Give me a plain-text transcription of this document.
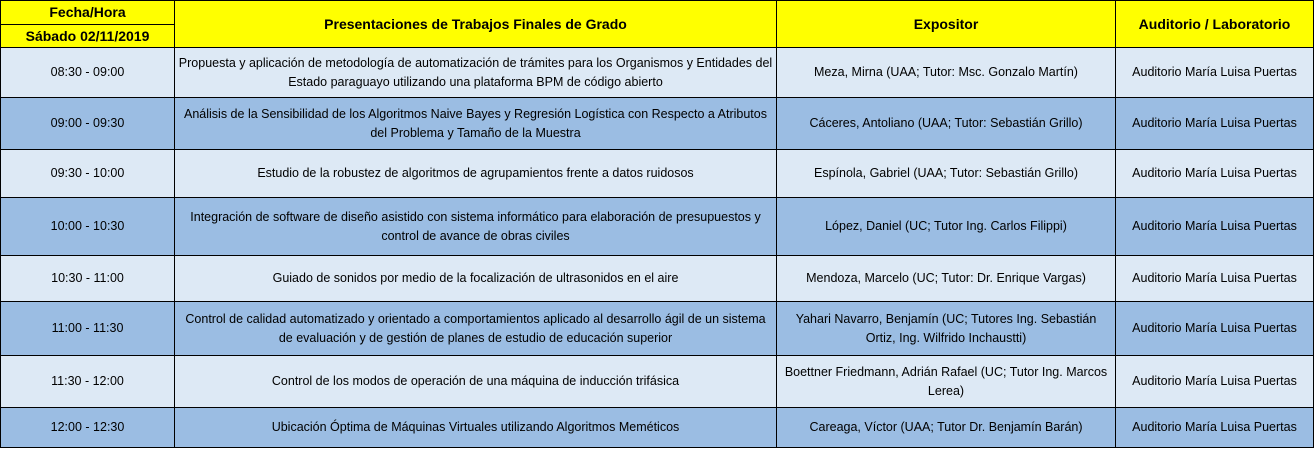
Fecha/Hora	Presentaciones de Trabajos Finales de Grado	Expositor	Auditorio / Laboratorio
Sábado 02/11/2019			
08:30 - 09:00	Propuesta y aplicación de metodología de automatización de trámites para los Organismos y Entidades del Estado paraguayo utilizando una plataforma BPM de código abierto	Meza, Mirna (UAA; Tutor: Msc. Gonzalo Martín)	Auditorio María Luisa Puertas
09:00 - 09:30	Análisis de la Sensibilidad de los Algoritmos Naive Bayes y Regresión Logística con Respecto a Atributos del Problema y Tamaño de la Muestra	Cáceres, Antoliano (UAA; Tutor: Sebastián Grillo)	Auditorio María Luisa Puertas
09:30 - 10:00	Estudio de la robustez de algoritmos de agrupamientos frente a datos ruidosos	Espínola, Gabriel (UAA; Tutor: Sebastián Grillo)	Auditorio María Luisa Puertas
10:00 - 10:30	Integración de software de diseño asistido con sistema informático para elaboración de presupuestos y control de avance de obras civiles	López, Daniel (UC; Tutor Ing. Carlos Filippi)	Auditorio María Luisa Puertas
10:30 - 11:00	Guiado de sonidos por medio de la focalización de ultrasonidos en el aire	Mendoza, Marcelo (UC; Tutor: Dr. Enrique Vargas)	Auditorio María Luisa Puertas
11:00 - 11:30	Control de calidad automatizado y orientado a comportamientos aplicado al desarrollo ágil de un sistema de evaluación y de gestión de planes de estudio de educación superior	Yahari Navarro, Benjamín (UC; Tutores Ing. Sebastián Ortiz, Ing. Wilfrido Inchaustti)	Auditorio María Luisa Puertas
11:30 - 12:00	Control de los modos de operación de una máquina de inducción trifásica	Boettner Friedmann, Adrián Rafael (UC; Tutor Ing. Marcos Lerea)	Auditorio María Luisa Puertas
12:00 - 12:30	Ubicación Óptima de Máquinas Virtuales utilizando Algoritmos Meméticos	Careaga, Víctor (UAA; Tutor Dr. Benjamín Barán)	Auditorio María Luisa Puertas
